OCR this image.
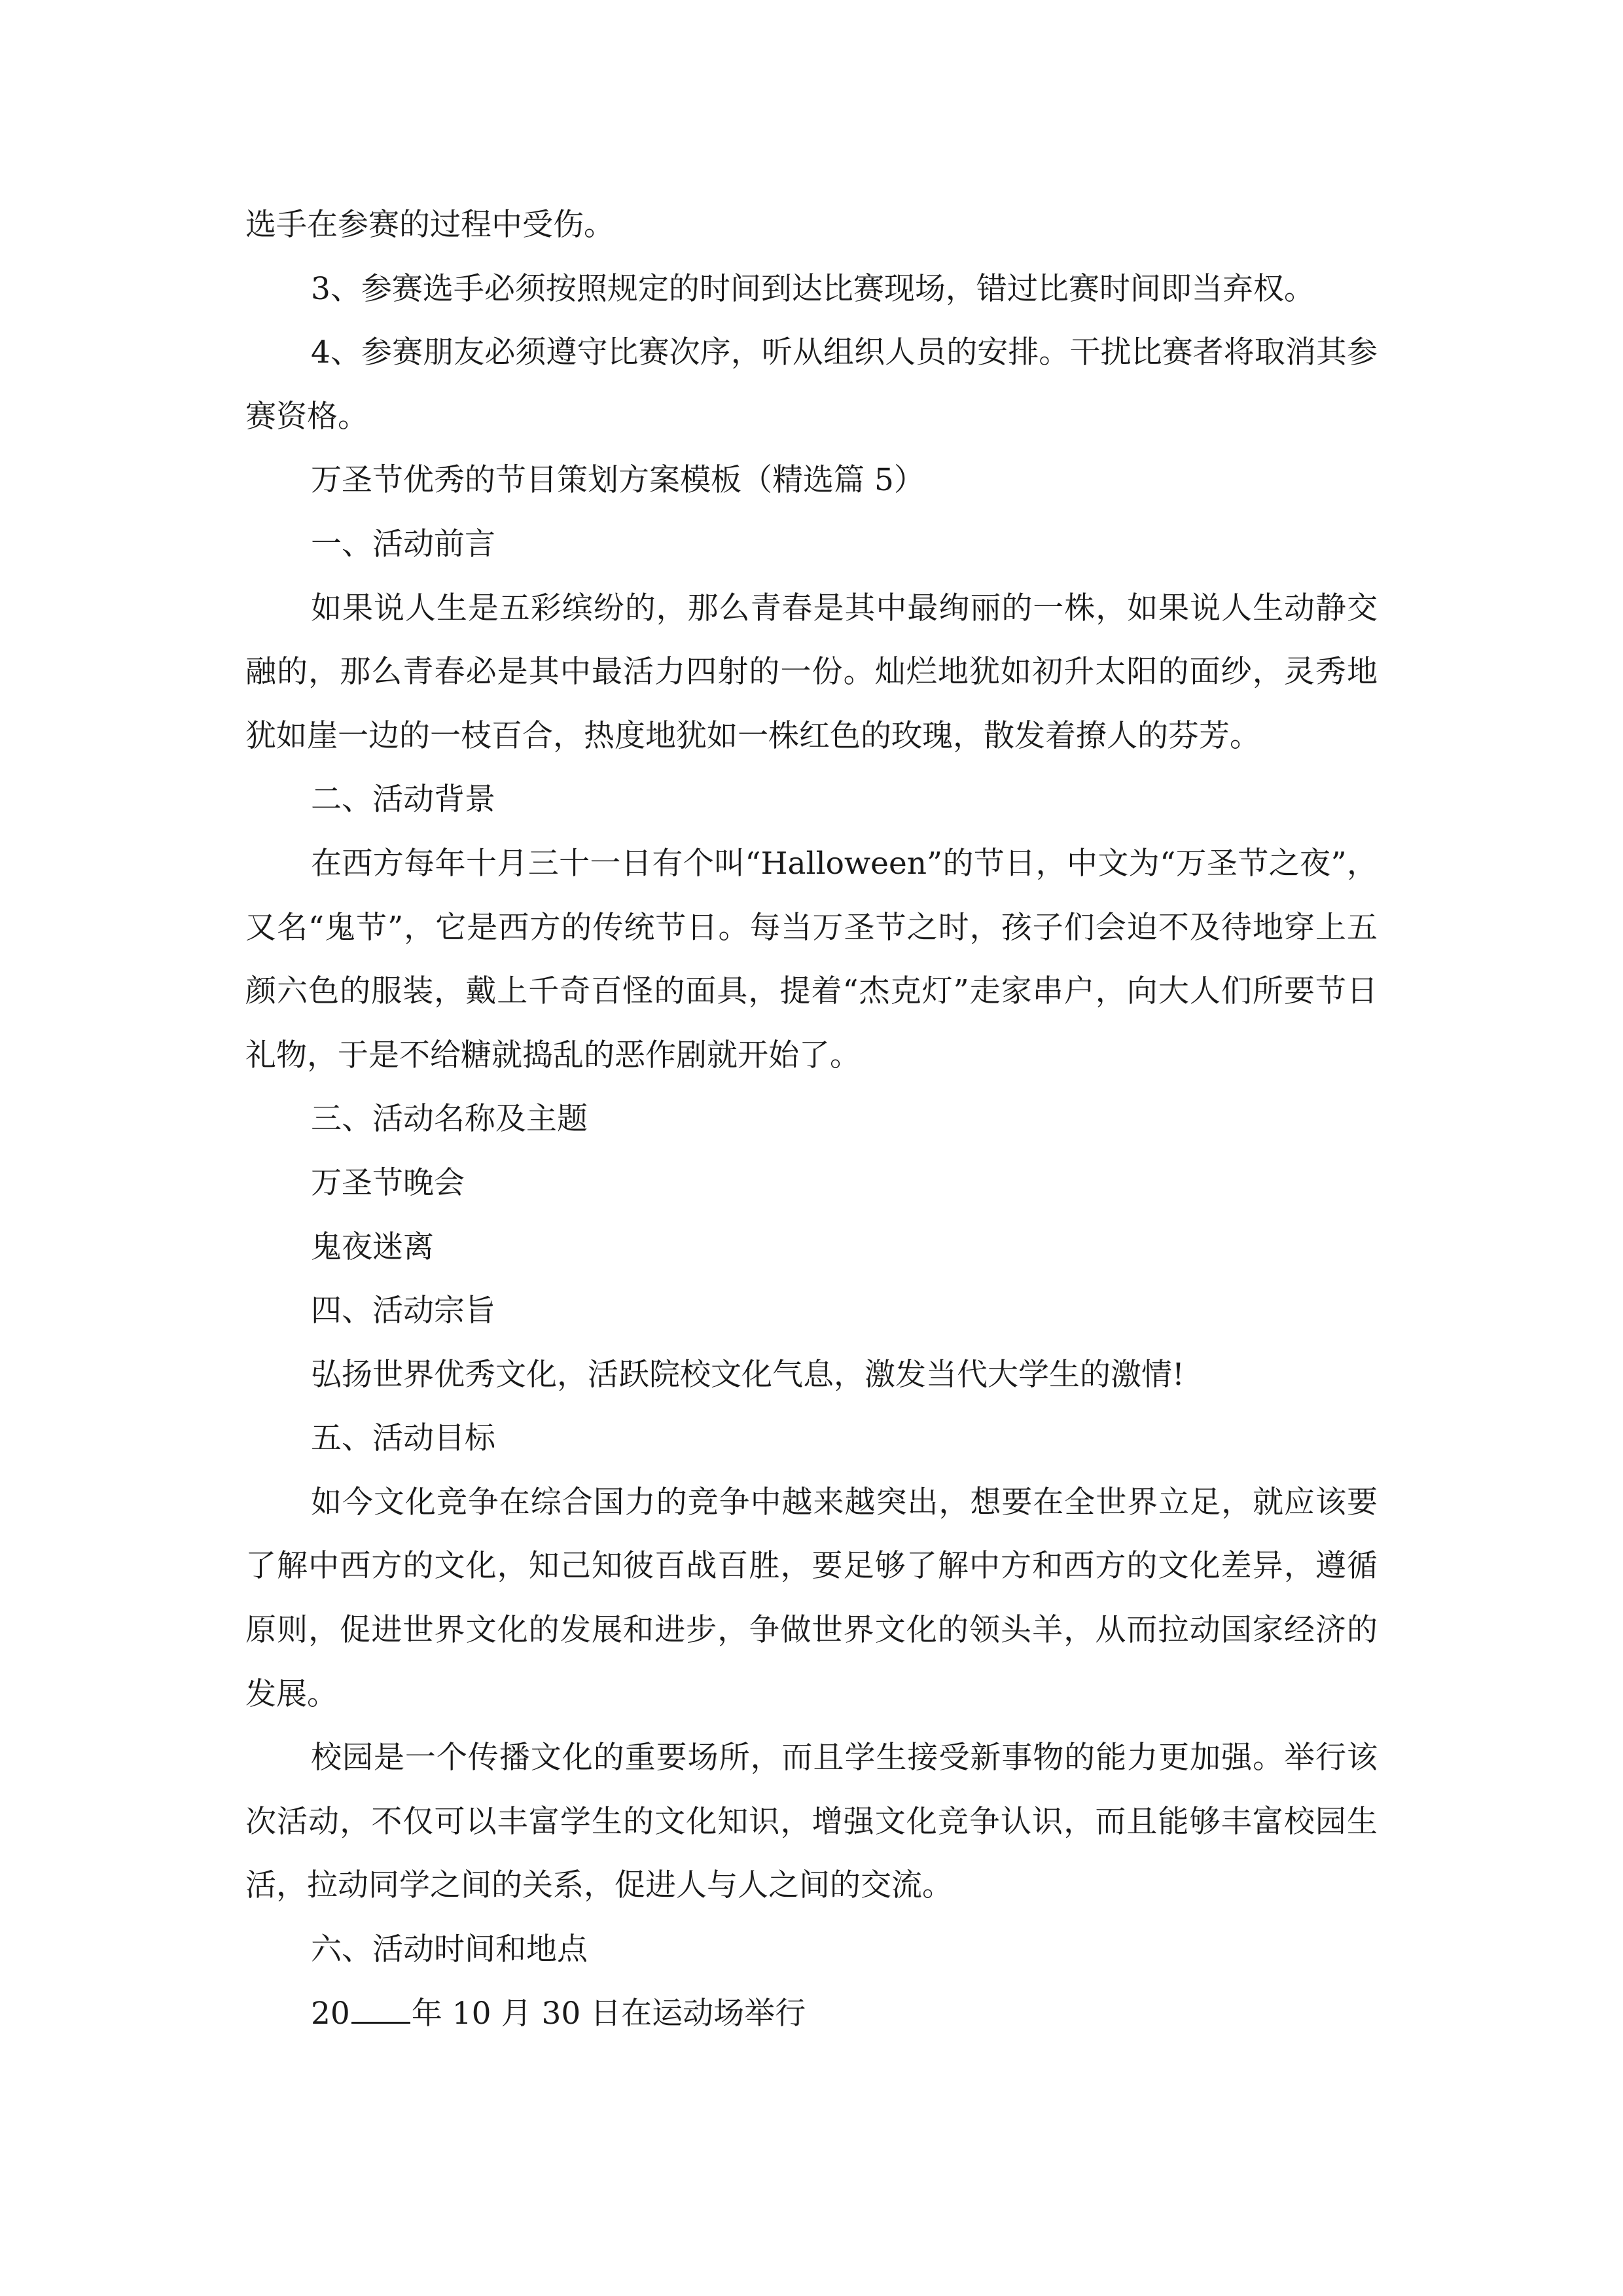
选手在参赛的过程中受伤。

3、参赛选手必须按照规定的时间到达比赛现场，错过比赛时间即当弃权。

4、参赛朋友必须遵守比赛次序，听从组织人员的安排。干扰比赛者将取消其参赛资格。

万圣节优秀的节目策划方案模板（精选篇 5）

一、活动前言

如果说人生是五彩缤纷的，那么青春是其中最绚丽的一株，如果说人生动静交融的，那么青春必是其中最活力四射的一份。灿烂地犹如初升太阳的面纱，灵秀地犹如崖一边的一枝百合，热度地犹如一株红色的玫瑰，散发着撩人的芬芳。

二、活动背景

在西方每年十月三十一日有个叫“Halloween”的节日，中文为“万圣节之夜”，又名“鬼节”，它是西方的传统节日。每当万圣节之时，孩子们会迫不及待地穿上五颜六色的服装，戴上千奇百怪的面具，提着“杰克灯”走家串户，向大人们所要节日礼物，于是不给糖就捣乱的恶作剧就开始了。

三、活动名称及主题

万圣节晚会

鬼夜迷离

四、活动宗旨

弘扬世界优秀文化，活跃院校文化气息，激发当代大学生的激情!

五、活动目标

如今文化竞争在综合国力的竞争中越来越突出，想要在全世界立足，就应该要了解中西方的文化，知己知彼百战百胜，要足够了解中方和西方的文化差异，遵循原则，促进世界文化的发展和进步，争做世界文化的领头羊，从而拉动国家经济的发展。

校园是一个传播文化的重要场所，而且学生接受新事物的能力更加强。举行该次活动，不仅可以丰富学生的文化知识，增强文化竞争认识，而且能够丰富校园生活，拉动同学之间的关系，促进人与人之间的交流。

六、活动时间和地点

20 年 10 月 30 日在运动场举行
